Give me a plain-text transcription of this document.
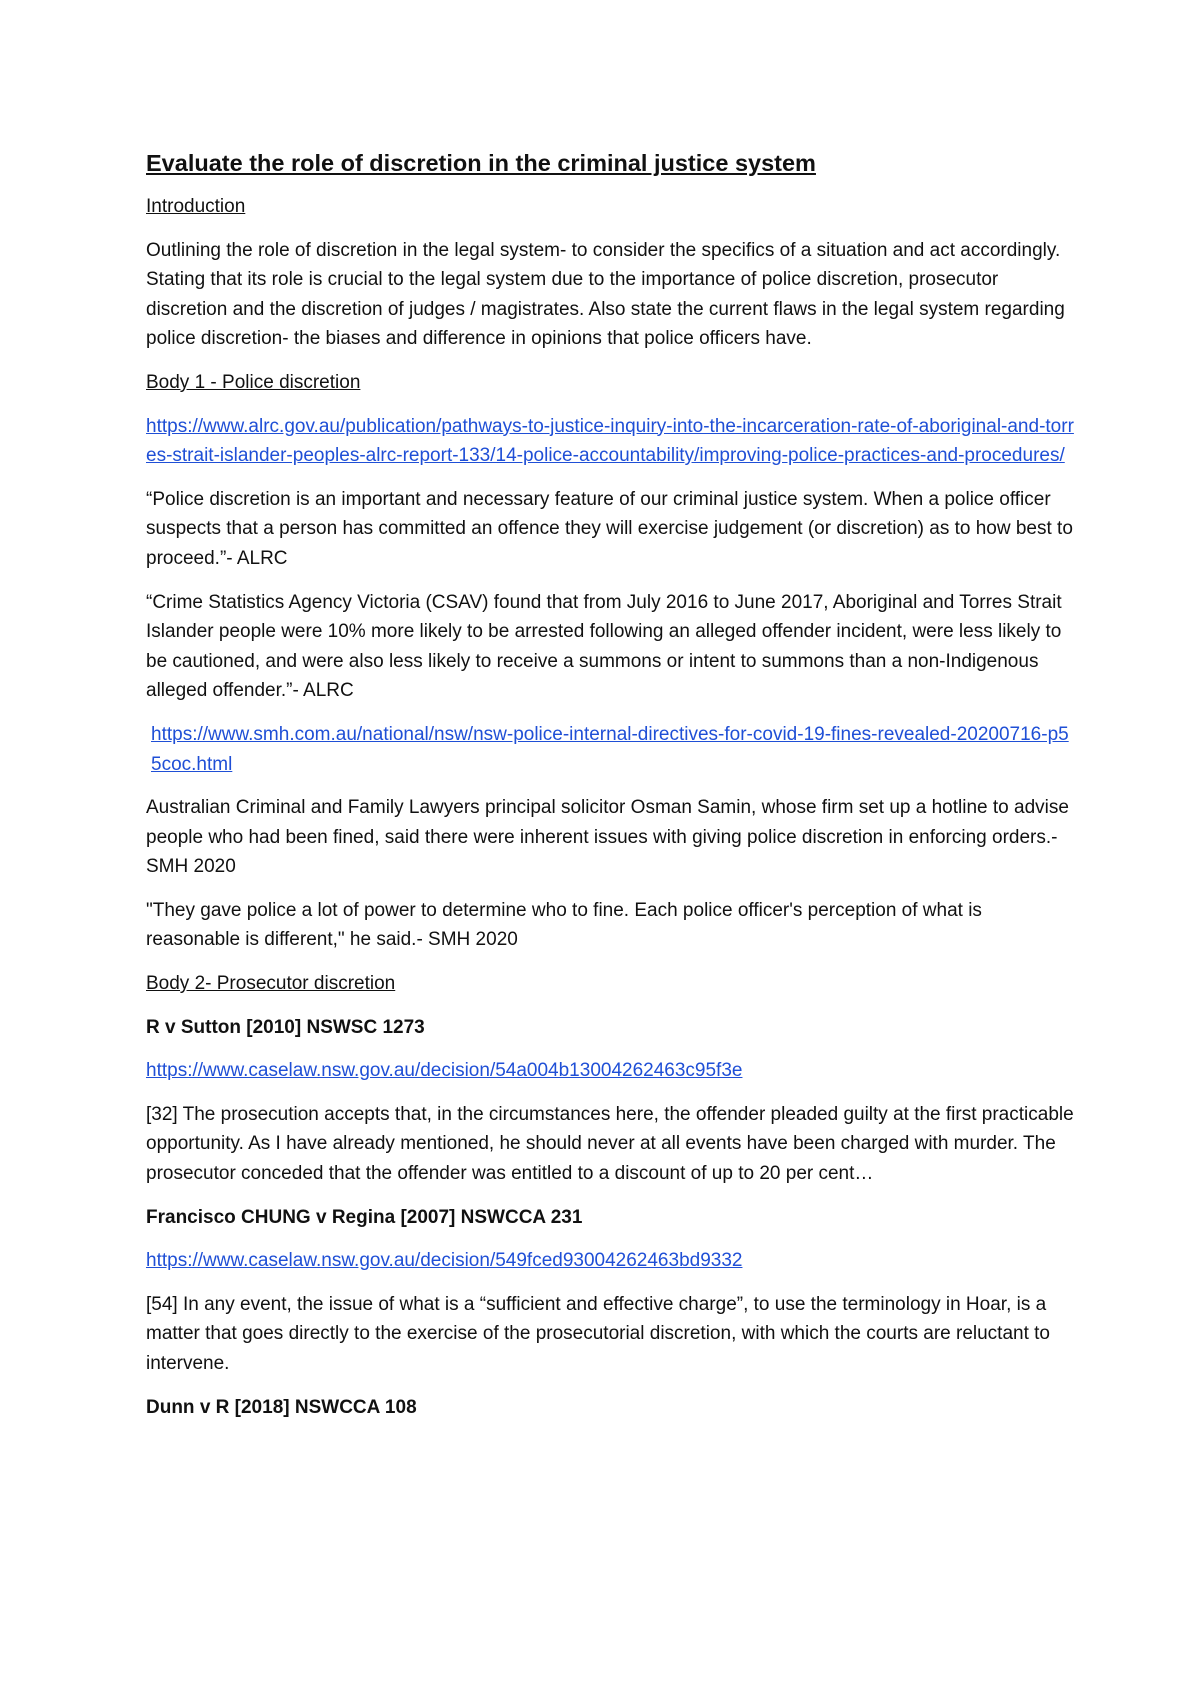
Evaluate the role of discretion in the criminal justice system
Introduction

Outlining the role of discretion in the legal system- to consider the specifics of a situation and act accordingly. Stating that its role is crucial to the legal system due to the importance of police discretion, prosecutor discretion and the discretion of judges / magistrates. Also state the current flaws in the legal system regarding police discretion- the biases and difference in opinions that police officers have.

Body 1 - Police discretion

https://www.alrc.gov.au/publication/pathways-to-justice-inquiry-into-the-incarceration-rate-of-aboriginal-and-torres-strait-islander-peoples-alrc-report-133/14-police-accountability/improving-police-practices-and-procedures/

“Police discretion is an important and necessary feature of our criminal justice system. When a police officer suspects that a person has committed an offence they will exercise judgement (or discretion) as to how best to proceed.”- ALRC

“Crime Statistics Agency Victoria (CSAV) found that from July 2016 to June 2017, Aboriginal and Torres Strait Islander people were 10% more likely to be arrested following an alleged offender incident, were less likely to be cautioned, and were also less likely to receive a summons or intent to summons than a non-Indigenous alleged offender.”- ALRC

https://www.smh.com.au/national/nsw/nsw-police-internal-directives-for-covid-19-fines-revealed-20200716-p55coc.html

Australian Criminal and Family Lawyers principal solicitor Osman Samin, whose firm set up a hotline to advise people who had been fined, said there were inherent issues with giving police discretion in enforcing orders.- SMH 2020

"They gave police a lot of power to determine who to fine. Each police officer's perception of what is reasonable is different," he said.- SMH 2020

Body 2- Prosecutor discretion

R v Sutton [2010] NSWSC 1273

https://www.caselaw.nsw.gov.au/decision/54a004b13004262463c95f3e

[32] The prosecution accepts that, in the circumstances here, the offender pleaded guilty at the first practicable opportunity. As I have already mentioned, he should never at all events have been charged with murder. The prosecutor conceded that the offender was entitled to a discount of up to 20 per cent…

Francisco CHUNG v Regina [2007] NSWCCA 231

https://www.caselaw.nsw.gov.au/decision/549fced93004262463bd9332

[54] In any event, the issue of what is a “sufficient and effective charge”, to use the terminology in Hoar, is a matter that goes directly to the exercise of the prosecutorial discretion, with which the courts are reluctant to intervene.

Dunn v R [2018] NSWCCA 108
